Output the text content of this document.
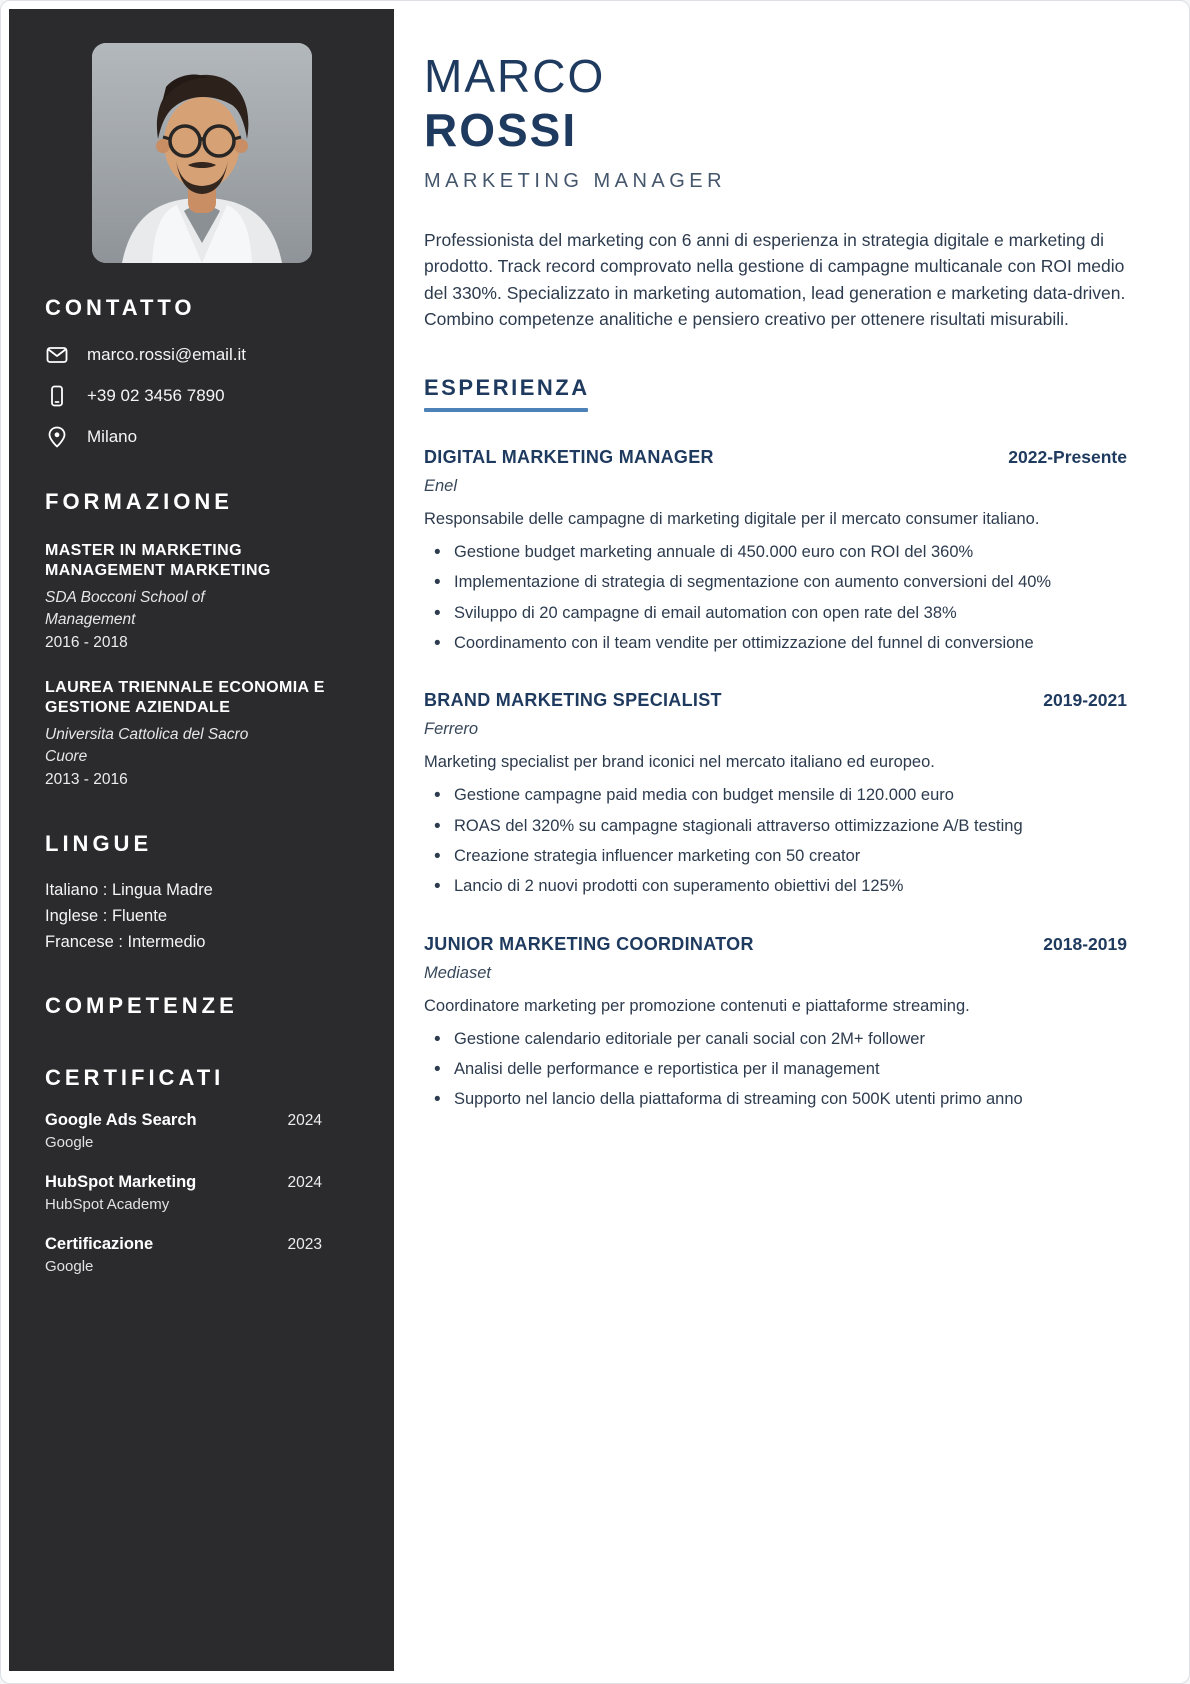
CONTATTO
marco.rossi@email.it
+39 02 3456 7890
Milano
FORMAZIONE
MASTER IN MARKETING MANAGEMENT MARKETING
SDA Bocconi School of Management
2016 - 2018
LAUREA TRIENNALE ECONOMIA E GESTIONE AZIENDALE
Universita Cattolica del Sacro Cuore
2013 - 2016
LINGUE
Italiano : Lingua Madre
Inglese : Fluente
Francese : Intermedio
COMPETENZE
CERTIFICATI
Google Ads Search	2024
Google
HubSpot Marketing	2024
HubSpot Academy
Certificazione	2023
Google
MARCO
ROSSI
MARKETING MANAGER

Professionista del marketing con 6 anni di esperienza in strategia digitale e marketing di prodotto. Track record comprovato nella gestione di campagne multicanale con ROI medio del 330%. Specializzato in marketing automation, lead generation e marketing data-driven. Combino competenze analitiche e pensiero creativo per ottenere risultati misurabili.

ESPERIENZA
DIGITAL MARKETING MANAGER	2022-Presente
Enel

Responsabile delle campagne di marketing digitale per il mercato consumer italiano.

• Gestione budget marketing annuale di 450.000 euro con ROI del 360%
• Implementazione di strategia di segmentazione con aumento conversioni del 40%
• Sviluppo di 20 campagne di email automation con open rate del 38%
• Coordinamento con il team vendite per ottimizzazione del funnel di conversione
BRAND MARKETING SPECIALIST	2019-2021
Ferrero

Marketing specialist per brand iconici nel mercato italiano ed europeo.

• Gestione campagne paid media con budget mensile di 120.000 euro
• ROAS del 320% su campagne stagionali attraverso ottimizzazione A/B testing
• Creazione strategia influencer marketing con 50 creator
• Lancio di 2 nuovi prodotti con superamento obiettivi del 125%
JUNIOR MARKETING COORDINATOR	2018-2019
Mediaset

Coordinatore marketing per promozione contenuti e piattaforme streaming.

• Gestione calendario editoriale per canali social con 2M+ follower
• Analisi delle performance e reportistica per il management
• Supporto nel lancio della piattaforma di streaming con 500K utenti primo anno
